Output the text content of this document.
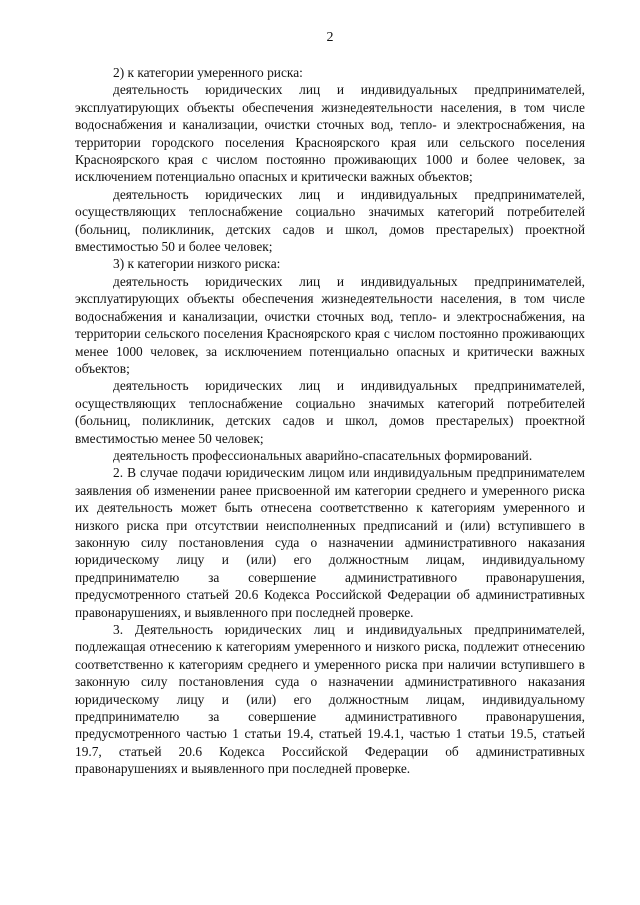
2

2) к категории умеренного риска:

деятельность юридических лиц и индивидуальных предпринимателей, эксплуатирующих объекты обеспечения жизнедеятельности населения, в том числе водоснабжения и канализации, очистки сточных вод, тепло- и электроснабжения, на территории городского поселения Красноярского края или сельского поселения Красноярского края с числом постоянно проживающих 1000 и более человек, за исключением потенциально опасных и критически важных объектов;

деятельность юридических лиц и индивидуальных предпринимателей, осуществляющих теплоснабжение социально значимых категорий потребителей (больниц, поликлиник, детских садов и школ, домов престарелых) проектной вместимостью 50 и более человек;

3) к категории низкого риска:

деятельность юридических лиц и индивидуальных предпринимателей, эксплуатирующих объекты обеспечения жизнедеятельности населения, в том числе водоснабжения и канализации, очистки сточных вод, тепло- и электроснабжения, на территории сельского поселения Красноярского края с числом постоянно проживающих менее 1000 человек, за исключением потенциально опасных и критически важных объектов;

деятельность юридических лиц и индивидуальных предпринимателей, осуществляющих теплоснабжение социально значимых категорий потребителей (больниц, поликлиник, детских садов и школ, домов престарелых) проектной вместимостью менее 50 человек;

деятельность профессиональных аварийно-спасательных формирований.

2. В случае подачи юридическим лицом или индивидуальным предпринимателем заявления об изменении ранее присвоенной им категории среднего и умеренного риска их деятельность может быть отнесена соответственно к категориям умеренного и низкого риска при отсутствии неисполненных предписаний и (или) вступившего в законную силу постановления суда о назначении административного наказания юридическому лицу и (или) его должностным лицам, индивидуальному предпринимателю за совершение административного правонарушения, предусмотренного статьей 20.6 Кодекса Российской Федерации об административных правонарушениях, и выявленного при последней проверке.

3. Деятельность юридических лиц и индивидуальных предпринимателей, подлежащая отнесению к категориям умеренного и низкого риска, подлежит отнесению соответственно к категориям среднего и умеренного риска при наличии вступившего в законную силу постановления суда о назначении административного наказания юридическому лицу и (или) его должностным лицам, индивидуальному предпринимателю за совершение административного правонарушения, предусмотренного частью 1 статьи 19.4, статьей 19.4.1, частью 1 статьи 19.5, статьей 19.7, статьей 20.6 Кодекса Российской Федерации об административных правонарушениях и выявленного при последней проверке.
